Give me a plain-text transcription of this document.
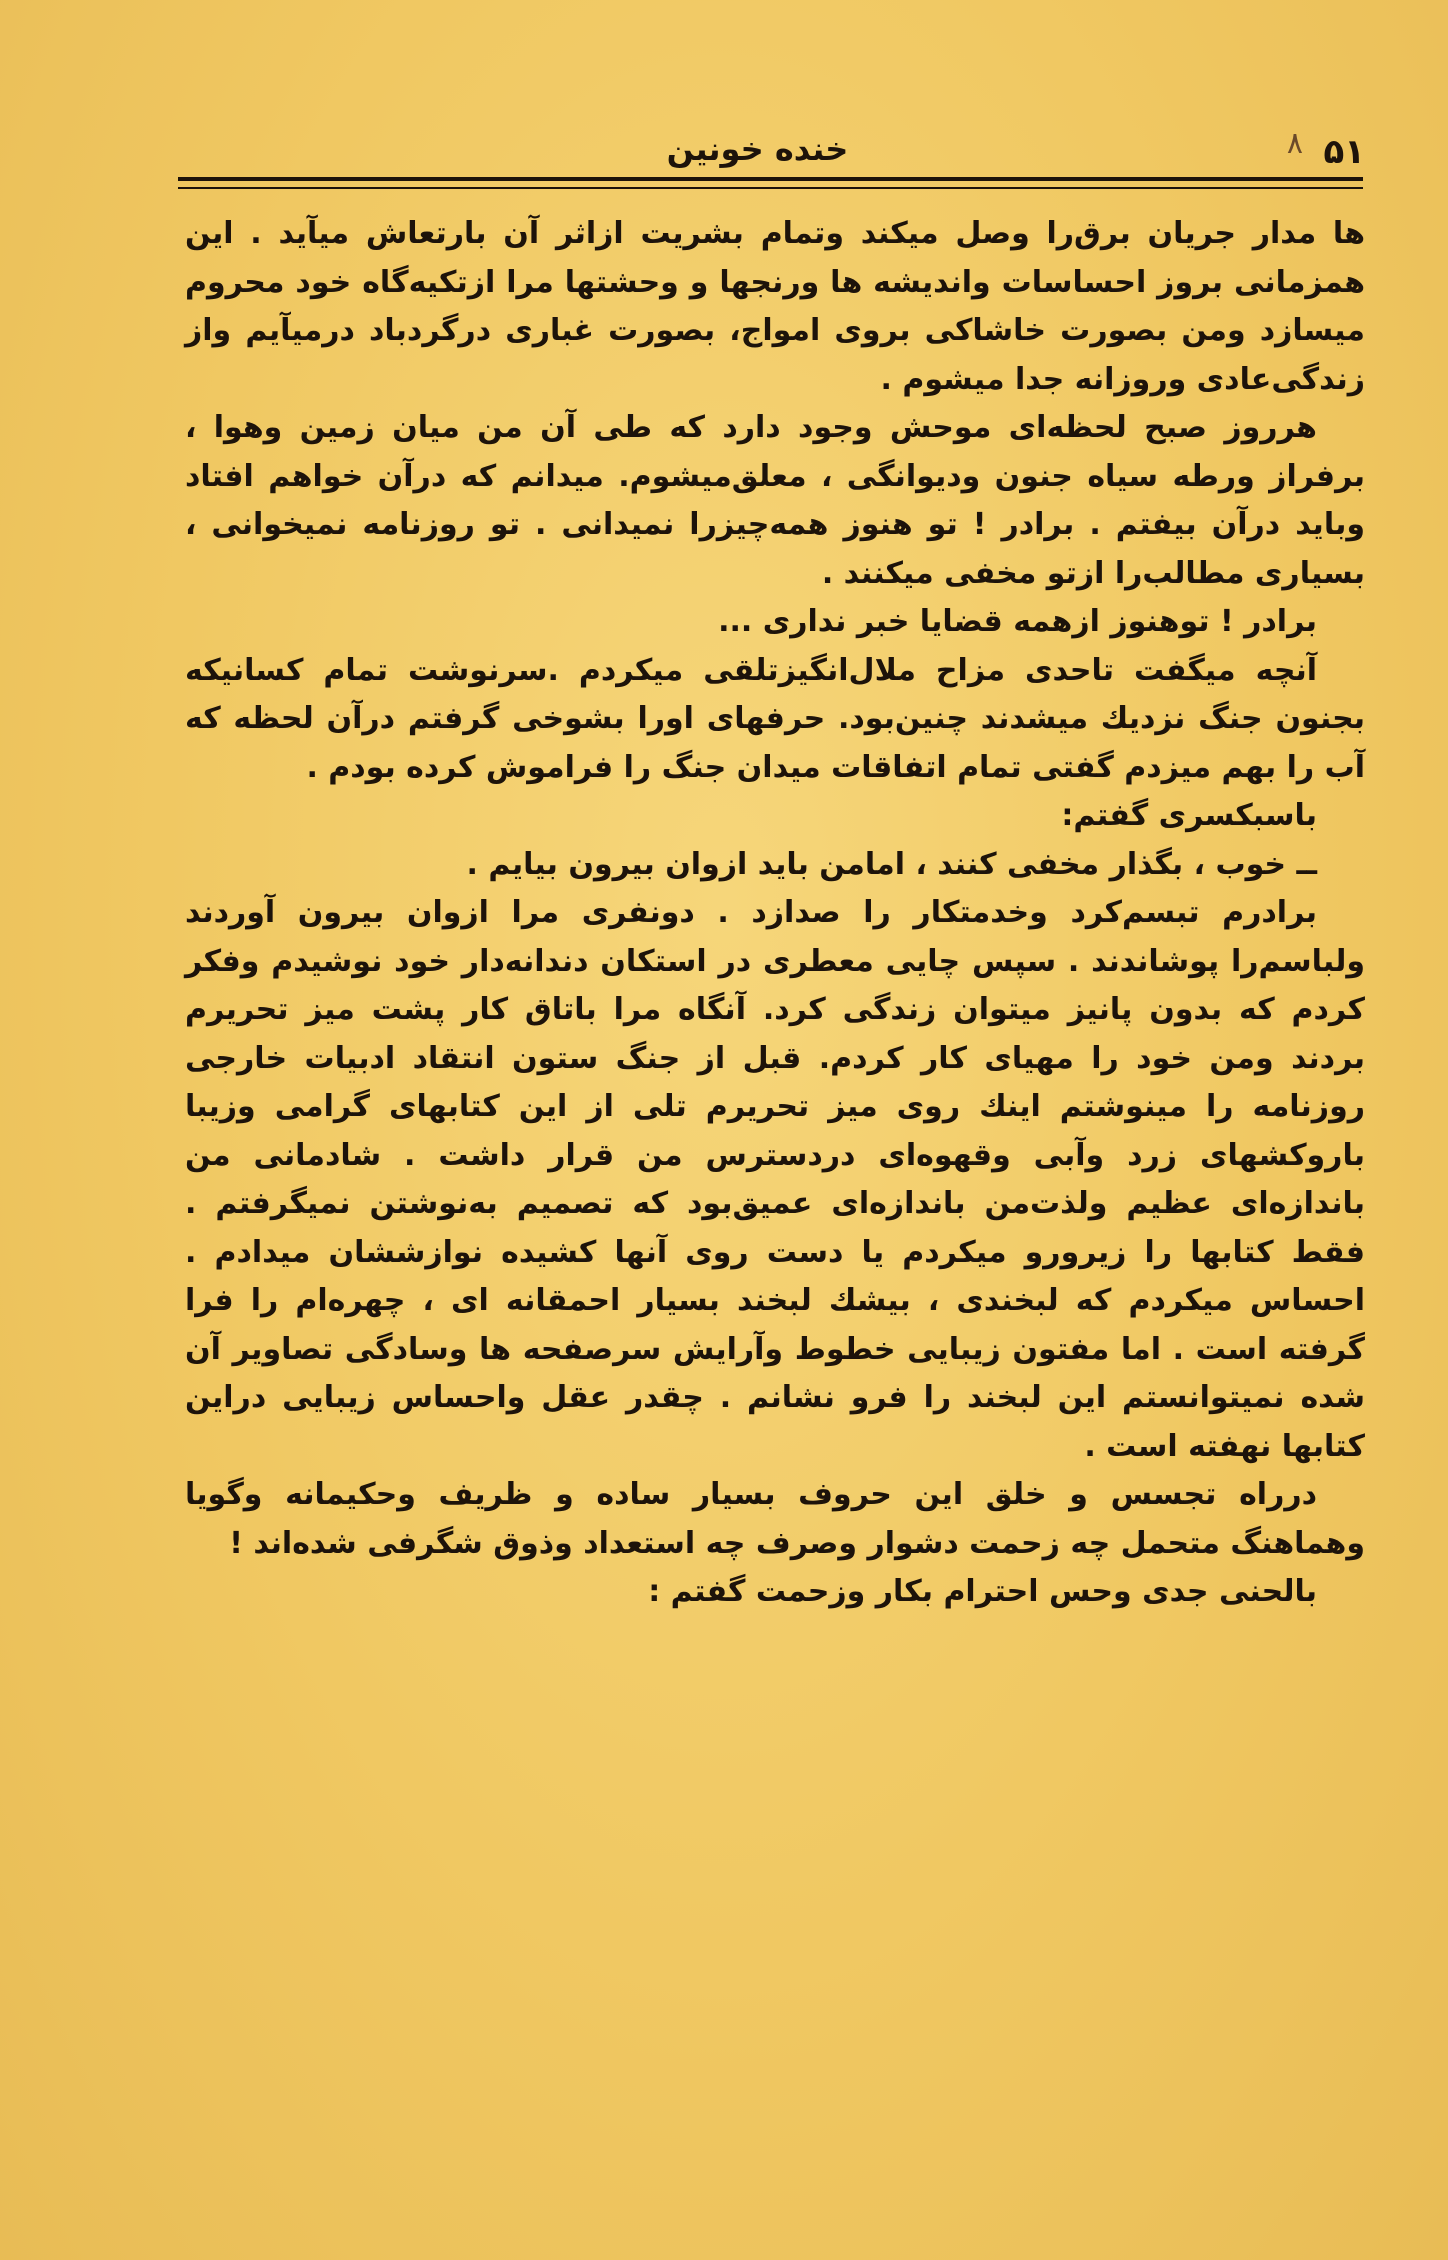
خنده خونین	۸ ۵۱

ها مدار جریان برق‌را وصل میکند وتمام بشریت ازاثر آن بارتعاش میآید . این همزمانی بروز احساسات واندیشه ها ورنجها و وحشتها مرا ازتکیه‌گاه خود محروم میسازد ومن بصورت خاشاکی بروی امواج، بصورت غباری درگردباد درمیآیم واز زندگی‌عادی وروزانه جدا میشوم .

هرروز صبح لحظه‌ای موحش وجود دارد که طی آن من میان زمین وهوا ، برفراز ورطه سیاه جنون ودیوانگی ، معلق‌میشوم. میدانم که درآن خواهم افتاد وباید درآن بیفتم . برادر ! تو هنوز همه‌چیزرا نمیدانی . تو روزنامه نمیخوانی ، بسیاری مطالب‌را ازتو مخفی میکنند .

برادر ! توهنوز ازهمه قضایا خبر نداری ...

آنچه میگفت تاحدی مزاح ملال‌انگیزتلقی میکردم .سرنوشت تمام کسانیکه بجنون جنگ نزدیك میشدند چنین‌بود. حرفهای اورا بشوخی گرفتم درآن لحظه که آب را بهم میزدم گفتی تمام اتفاقات میدان جنگ را فراموش کرده بودم .

باسبکسری گفتم:

ــ خوب ، بگذار مخفی کنند ، امامن باید ازوان بیرون بیایم .

برادرم تبسم‌کرد وخدمتکار را صدازد . دونفری مرا ازوان بیرون آوردند ولباسم‌را پوشاندند . سپس چایی معطری در استکان دندانه‌دار خود نوشیدم وفکر کردم که بدون پانیز میتوان زندگی کرد. آنگاه مرا باتاق کار پشت میز تحریرم بردند ومن خود را مهیای کار کردم. قبل از جنگ ستون انتقاد ادبیات خارجی روزنامه را مینوشتم اینك روی میز تحریرم تلی از این کتابهای گرامی وزیبا باروکشهای زرد وآبی وقهوه‌ای دردسترس من قرار داشت . شادمانی من باندازه‌ای عظیم ولذت‌من باندازه‌ای عمیق‌بود که تصمیم به‌نوشتن نمیگرفتم . فقط کتابها را زیرورو میکردم یا دست روی آنها کشیده نوازششان میدادم . احساس میکردم که لبخندی ، بیشك لبخند بسیار احمقانه ای ، چهره‌ام را فرا گرفته است . اما مفتون زیبایی خطوط وآرایش سرصفحه ها وسادگی تصاویر آن شده نمیتوانستم این لبخند را فرو نشانم . چقدر عقل واحساس زیبایی دراین کتابها نهفته است .

درراه تجسس و خلق این حروف بسیار ساده و ظریف وحکیمانه وگویا وهماهنگ متحمل چه زحمت دشوار وصرف چه استعداد وذوق شگرفی شده‌اند !

بالحنی جدی وحس احترام بکار وزحمت گفتم :
